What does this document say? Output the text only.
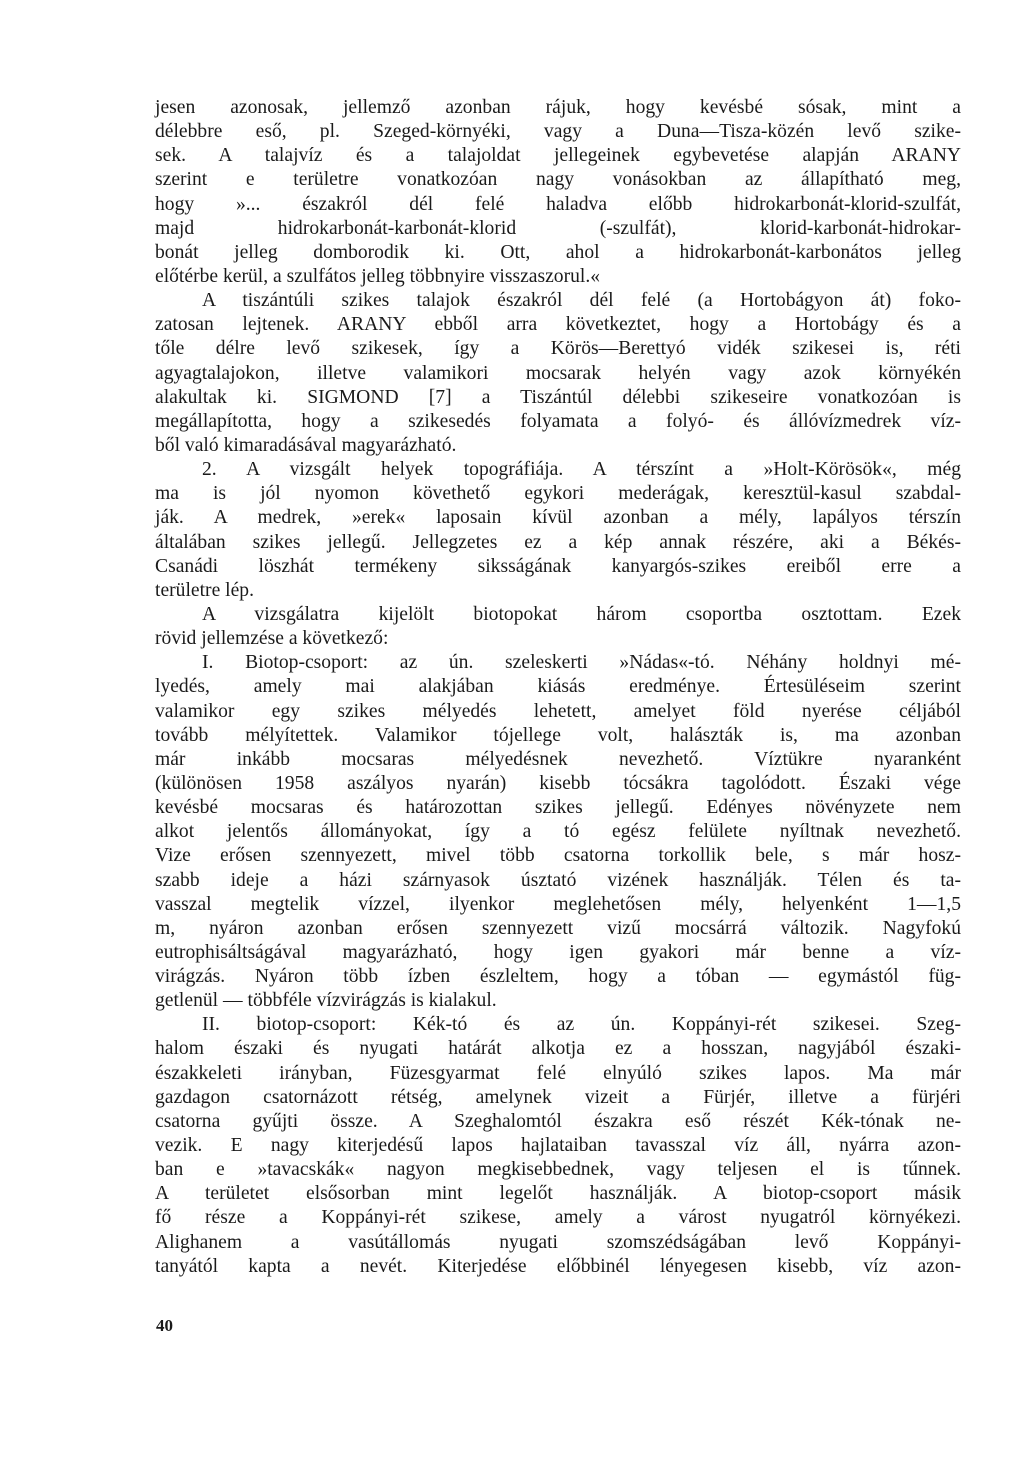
jesen azonosak, jellemző azonban rájuk, hogy kevésbé sósak, mint a
délebbre eső, pl. Szeged-környéki, vagy a Duna—Tisza-közén levő szike-
sek. A talajvíz és a talajoldat jellegeinek egybevetése alapján ARANY
szerint e területre vonatkozóan nagy vonásokban az állapítható meg,
hogy »... északról dél felé haladva előbb hidrokarbonát-klorid-szulfát,
majd hidrokarbonát-karbonát-klorid (-szulfát), klorid-karbonát-hidrokar-
bonát jelleg domborodik ki. Ott, ahol a hidrokarbonát-karbonátos jelleg
előtérbe kerül, a szulfátos jelleg többnyire visszaszorul.«
A tiszántúli szikes talajok északról dél felé (a Hortobágyon át) foko-
zatosan lejtenek. ARANY ebből arra következtet, hogy a Hortobágy és a
tőle délre levő szikesek, így a Körös—Berettyó vidék szikesei is, réti
agyagtalajokon, illetve valamikori mocsarak helyén vagy azok környékén
alakultak ki. SIGMOND [7] a Tiszántúl délebbi szikeseire vonatkozóan is
megállapította, hogy a szikesedés folyamata a folyó- és állóvízmedrek víz-
ből való kimaradásával magyarázható.
2. A vizsgált helyek topográfiája. A térszínt a »Holt-Körösök«, még
ma is jól nyomon követhető egykori mederágak, keresztül-kasul szabdal-
ják. A medrek, »erek« laposain kívül azonban a mély, lapályos térszín
általában szikes jellegű. Jellegzetes ez a kép annak részére, aki a Békés-
Csanádi löszhát termékeny siksságának kanyargós-szikes ereiből erre a
területre lép.
A vizsgálatra kijelölt biotopokat három csoportba osztottam. Ezek
rövid jellemzése a következő:
I. Biotop-csoport: az ún. szeleskerti »Nádas«-tó. Néhány holdnyi mé-
lyedés, amely mai alakjában kiásás eredménye. Értesüléseim szerint
valamikor egy szikes mélyedés lehetett, amelyet föld nyerése céljából
tovább mélyítettek. Valamikor tójellege volt, halászták is, ma azonban
már inkább mocsaras mélyedésnek nevezhető. Víztükre nyaranként
(különösen 1958 aszályos nyarán) kisebb tócsákra tagolódott. Északi vége
kevésbé mocsaras és határozottan szikes jellegű. Edényes növényzete nem
alkot jelentős állományokat, így a tó egész felülete nyíltnak nevezhető.
Vize erősen szennyezett, mivel több csatorna torkollik bele, s már hosz-
szabb ideje a házi szárnyasok úsztató vizének használják. Télen és ta-
vasszal megtelik vízzel, ilyenkor meglehetősen mély, helyenként 1—1,5
m, nyáron azonban erősen szennyezett vizű mocsárrá változik. Nagyfokú
eutrophisáltságával magyarázható, hogy igen gyakori már benne a víz-
virágzás. Nyáron több ízben észleltem, hogy a tóban — egymástól füg-
getlenül — többféle vízvirágzás is kialakul.
II. biotop-csoport: Kék-tó és az ún. Koppányi-rét szikesei. Szeg-
halom északi és nyugati határát alkotja ez a hosszan, nagyjából északi-
északkeleti irányban, Füzesgyarmat felé elnyúló szikes lapos. Ma már
gazdagon csatornázott rétség, amelynek vizeit a Fürjér, illetve a fürjéri
csatorna gyűjti össze. A Szeghalomtól északra eső részét Kék-tónak ne-
vezik. E nagy kiterjedésű lapos hajlataiban tavasszal víz áll, nyárra azon-
ban e »tavacskák« nagyon megkisebbednek, vagy teljesen el is tűnnek.
A területet elsősorban mint legelőt használják. A biotop-csoport másik
fő része a Koppányi-rét szikese, amely a várost nyugatról környékezi.
Alighanem a vasútállomás nyugati szomszédságában levő Koppányi-
tanyától kapta a nevét. Kiterjedése előbbinél lényegesen kisebb, víz azon-
40
